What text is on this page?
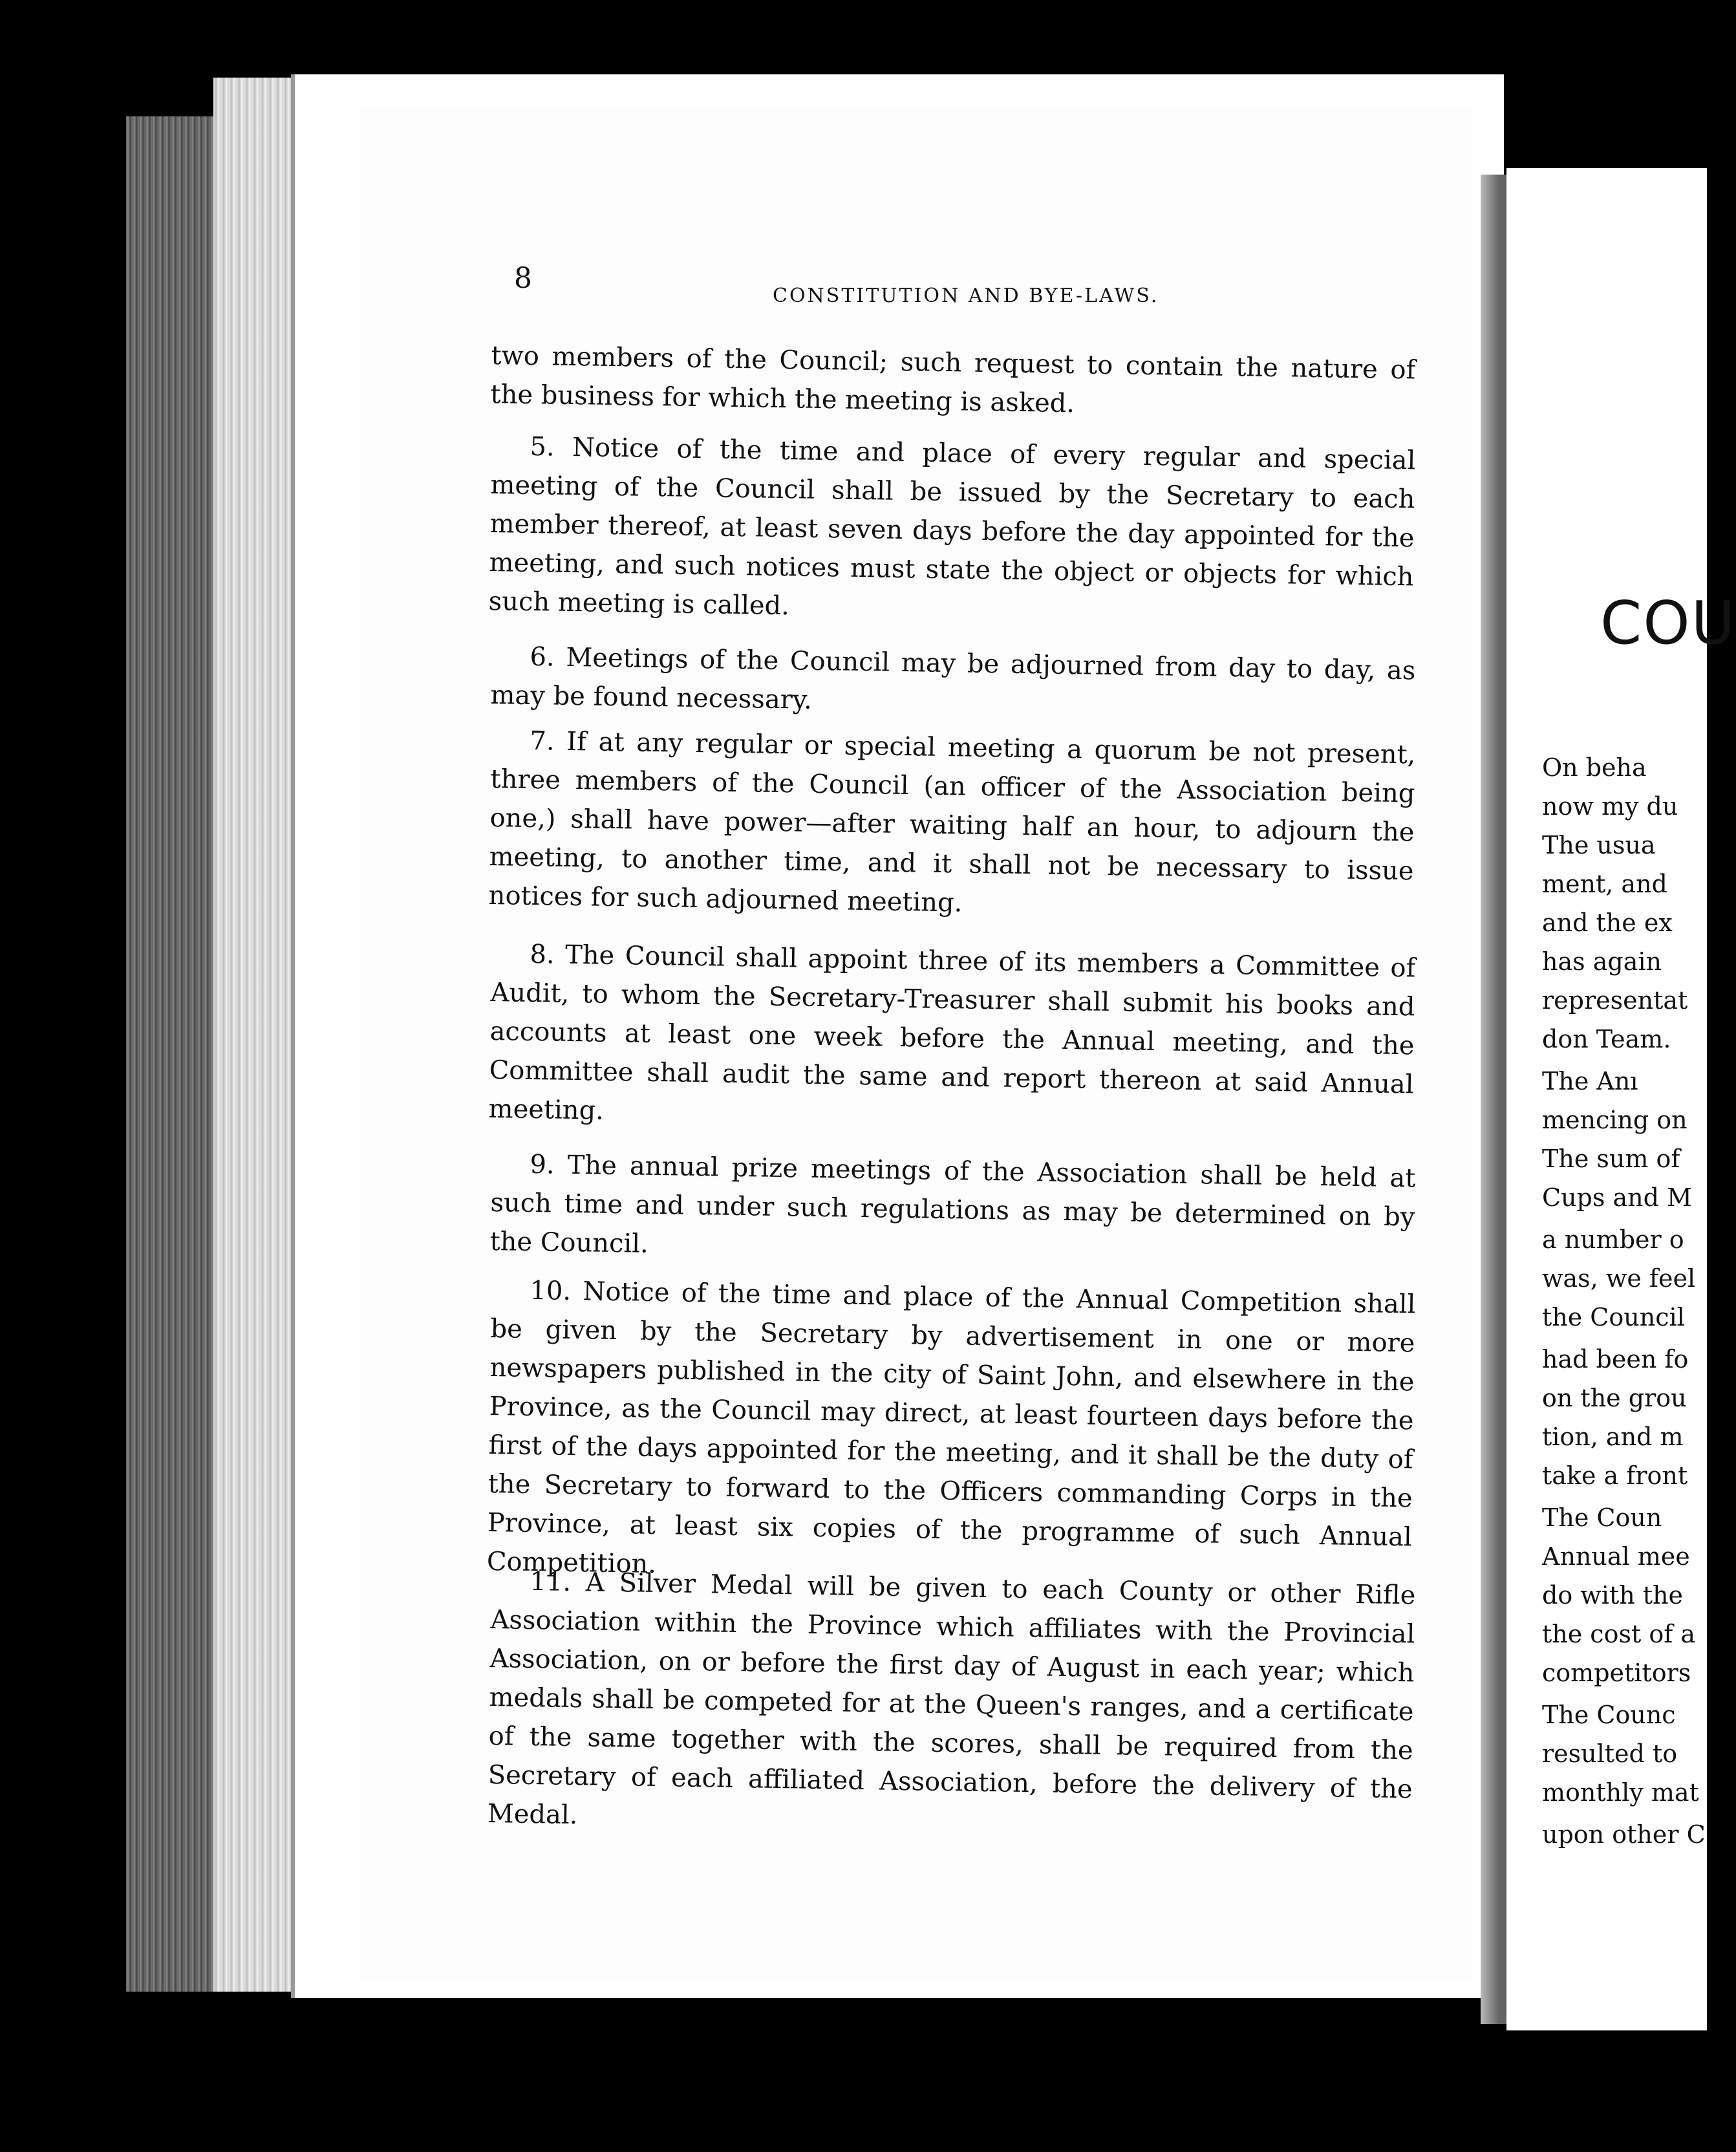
8
CONSTITUTION AND BYE-LAWS.
two members of the Council; such request to contain the nature of the business for which the meeting is asked.
5. Notice of the time and place of every regular and special meeting of the Council shall be issued by the Secretary to each member thereof, at least seven days before the day appointed for the meeting, and such notices must state the object or objects for which such meeting is called.
6. Meetings of the Council may be adjourned from day to day, as may be found necessary.
7. If at any regular or special meeting a quorum be not present, three members of the Council (an officer of the Association being one,) shall have power—after waiting half an hour, to adjourn the meeting, to another time, and it shall not be necessary to issue notices for such adjourned meeting.
8. The Council shall appoint three of its members a Committee of Audit, to whom the Secretary-Treasurer shall submit his books and accounts at least one week before the Annual meeting, and the Committee shall audit the same and report thereon at said Annual meeting.
9. The annual prize meetings of the Association shall be held at such time and under such regulations as may be determined on by the Council.
10. Notice of the time and place of the Annual Competition shall be given by the Secretary by advertisement in one or more newspapers published in the city of Saint John, and elsewhere in the Province, as the Council may direct, at least fourteen days before the first of the days appointed for the meeting, and it shall be the duty of the Secretary to forward to the Officers commanding Corps in the Province, at least six copies of the programme of such Annual Competition.
11. A Silver Medal will be given to each County or other Rifle Association within the Province which affiliates with the Provincial Association, on or before the first day of August in each year; which medals shall be competed for at the Queen's ranges, and a certificate of the same together with the scores, shall be required from the Secretary of each affiliated Association, before the delivery of the Medal.
COU
On beha
now my du
The usua
ment, and
and the ex
has again
representat
don Team.
The Anı
mencing on
The sum of
Cups and M
a number o
was, we feel
the Council
had been fo
on the grou
tion, and m
take a front
The Coun
Annual mee
do with the
the cost of a
competitors
The Counc
resulted to
monthly mat
upon other C
